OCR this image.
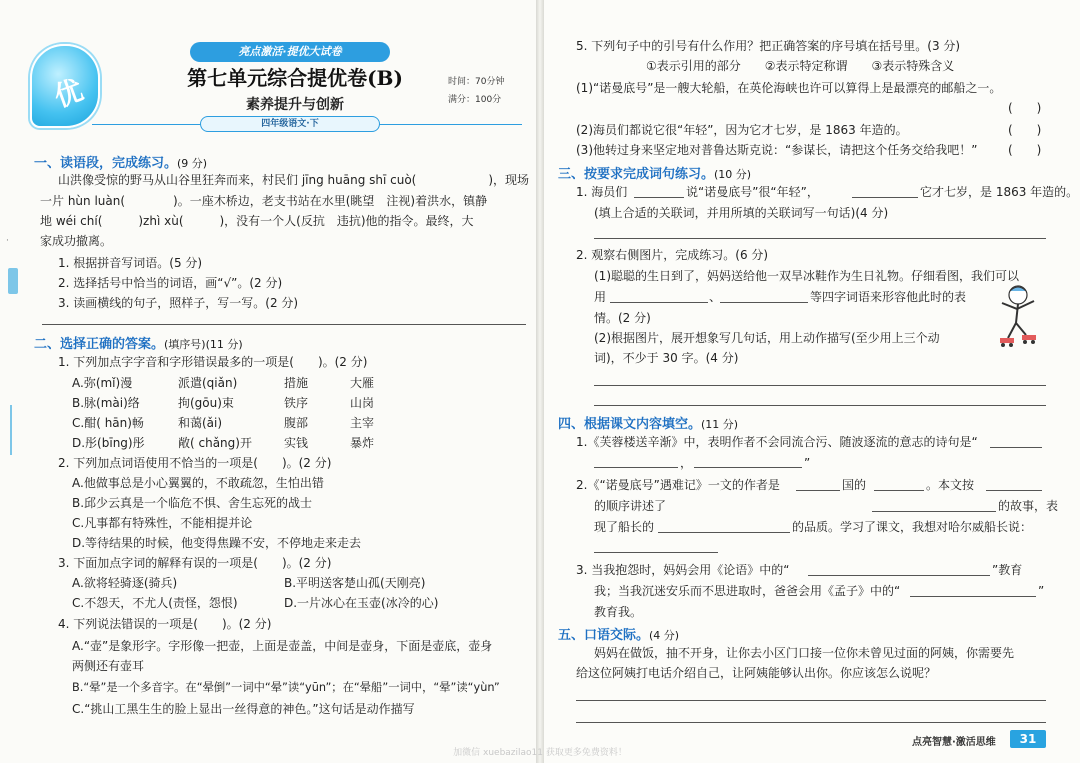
·
优
亮点激活·提优大试卷
第七单元综合提优卷(B)
素养提升与创新
时间：70分钟
满分：100分
四年级语文·下
一、读语段，完成练习。(9 分)
山洪像受惊的野马从山谷里狂奔而来，村民们 jīng huāng shī cuò(　　　　　　)，现场
一片 hùn luàn(　　　　)。一座木桥边，老支书站在水里(眺望　注视)着洪水，镇静
地 wéi chí(　　　)zhì xù(　　　)，没有一个人(反抗　违抗)他的指令。最终，大
家成功撤离。
1. 根据拼音写词语。(5 分)
2. 选择括号中恰当的词语，画“√”。(2 分)
3. 读画横线的句子，照样子，写一写。(2 分)
二、选择正确的答案。(填序号)(11 分)
1. 下列加点字字音和字形错误最多的一项是(　　)。(2 分)
A.弥(mǐ)漫	派遣(qiǎn)	措施	大雁
B.脉(mài)络	拘(gōu)束	铁序	山岗
C.酣( hān)畅	和蔼(ǎi)	腹部	主宰
D.彤(bīng)彤	敞( chǎng)开	实钱	暴炸
2. 下列加点词语使用不恰当的一项是(　　)。(2 分)
A.他做事总是小心翼翼的，不敢疏忽，生怕出错
B.邱少云真是一个临危不惧、舍生忘死的战士
C.凡事都有特殊性，不能相提并论
D.等待结果的时候，他变得焦躁不安，不停地走来走去
3. 下面加点字词的解释有误的一项是(　　)。(2 分)
A.欲将轻骑逐(骑兵)	B.平明送客楚山孤(天刚亮)
C.不怨天，不尤人(责怪，怨恨)	D.一片冰心在玉壶(冰冷的心)
4. 下列说法错误的一项是(　　)。(2 分)
A.“壶”是象形字。字形像一把壶，上面是壶盖，中间是壶身，下面是壶底，壶身
两侧还有壶耳
B.“晕”是一个多音字。在“晕倒”一词中“晕”读“yūn”；在“晕船”一词中，“晕”读“yùn”
C.“挑山工黑生生的脸上显出一丝得意的神色。”这句话是动作描写
5. 下列句子中的引号有什么作用？把正确答案的序号填在括号里。(3 分)
①表示引用的部分　　②表示特定称谓　　③表示特殊含义
(1)“诺曼底号”是一艘大轮船，在英伦海峡也许可以算得上是最漂亮的邮船之一。
(　　)
(2)海员们都说它很“年轻”，因为它才七岁，是 1863 年造的。	(　　)
(3)他转过身来坚定地对普鲁达斯克说：“参谋长，请把这个任务交给我吧！”	(　　)
三、按要求完成词句练习。(10 分)
1. 海员们	说“诺曼底号”很“年轻”，	它才七岁，是 1863 年造的。
(填上合适的关联词，并用所填的关联词写一句话)(4 分)
2. 观察右侧图片，完成练习。(6 分)
(1)聪聪的生日到了，妈妈送给他一双旱冰鞋作为生日礼物。仔细看图，我们可以
用	、	等四字词语来形容他此时的表
情。(2 分)
(2)根据图片，展开想象写几句话，用上动作描写(至少用上三个动
词)，不少于 30 字。(4 分)
四、根据课文内容填空。(11 分)
1.《芙蓉楼送辛渐》中，表明作者不会同流合污、随波逐流的意志的诗句是“
，	”
2.《“诺曼底号”遇难记》一文的作者是	国的	。本文按
的顺序讲述了	的故事，表
现了船长的	的品质。学习了课文，我想对哈尔威船长说：
3. 当我抱怨时，妈妈会用《论语》中的“	”教育
我；当我沉迷安乐而不思进取时，爸爸会用《孟子》中的“	”
教育我。
五、口语交际。(4 分)
妈妈在做饭，抽不开身，让你去小区门口接一位你未曾见过面的阿姨，你需要先
给这位阿姨打电话介绍自己，让阿姨能够认出你。你应该怎么说呢？
点亮智慧·激活思维	31
加微信 xuebazilao11 获取更多免费资料！
